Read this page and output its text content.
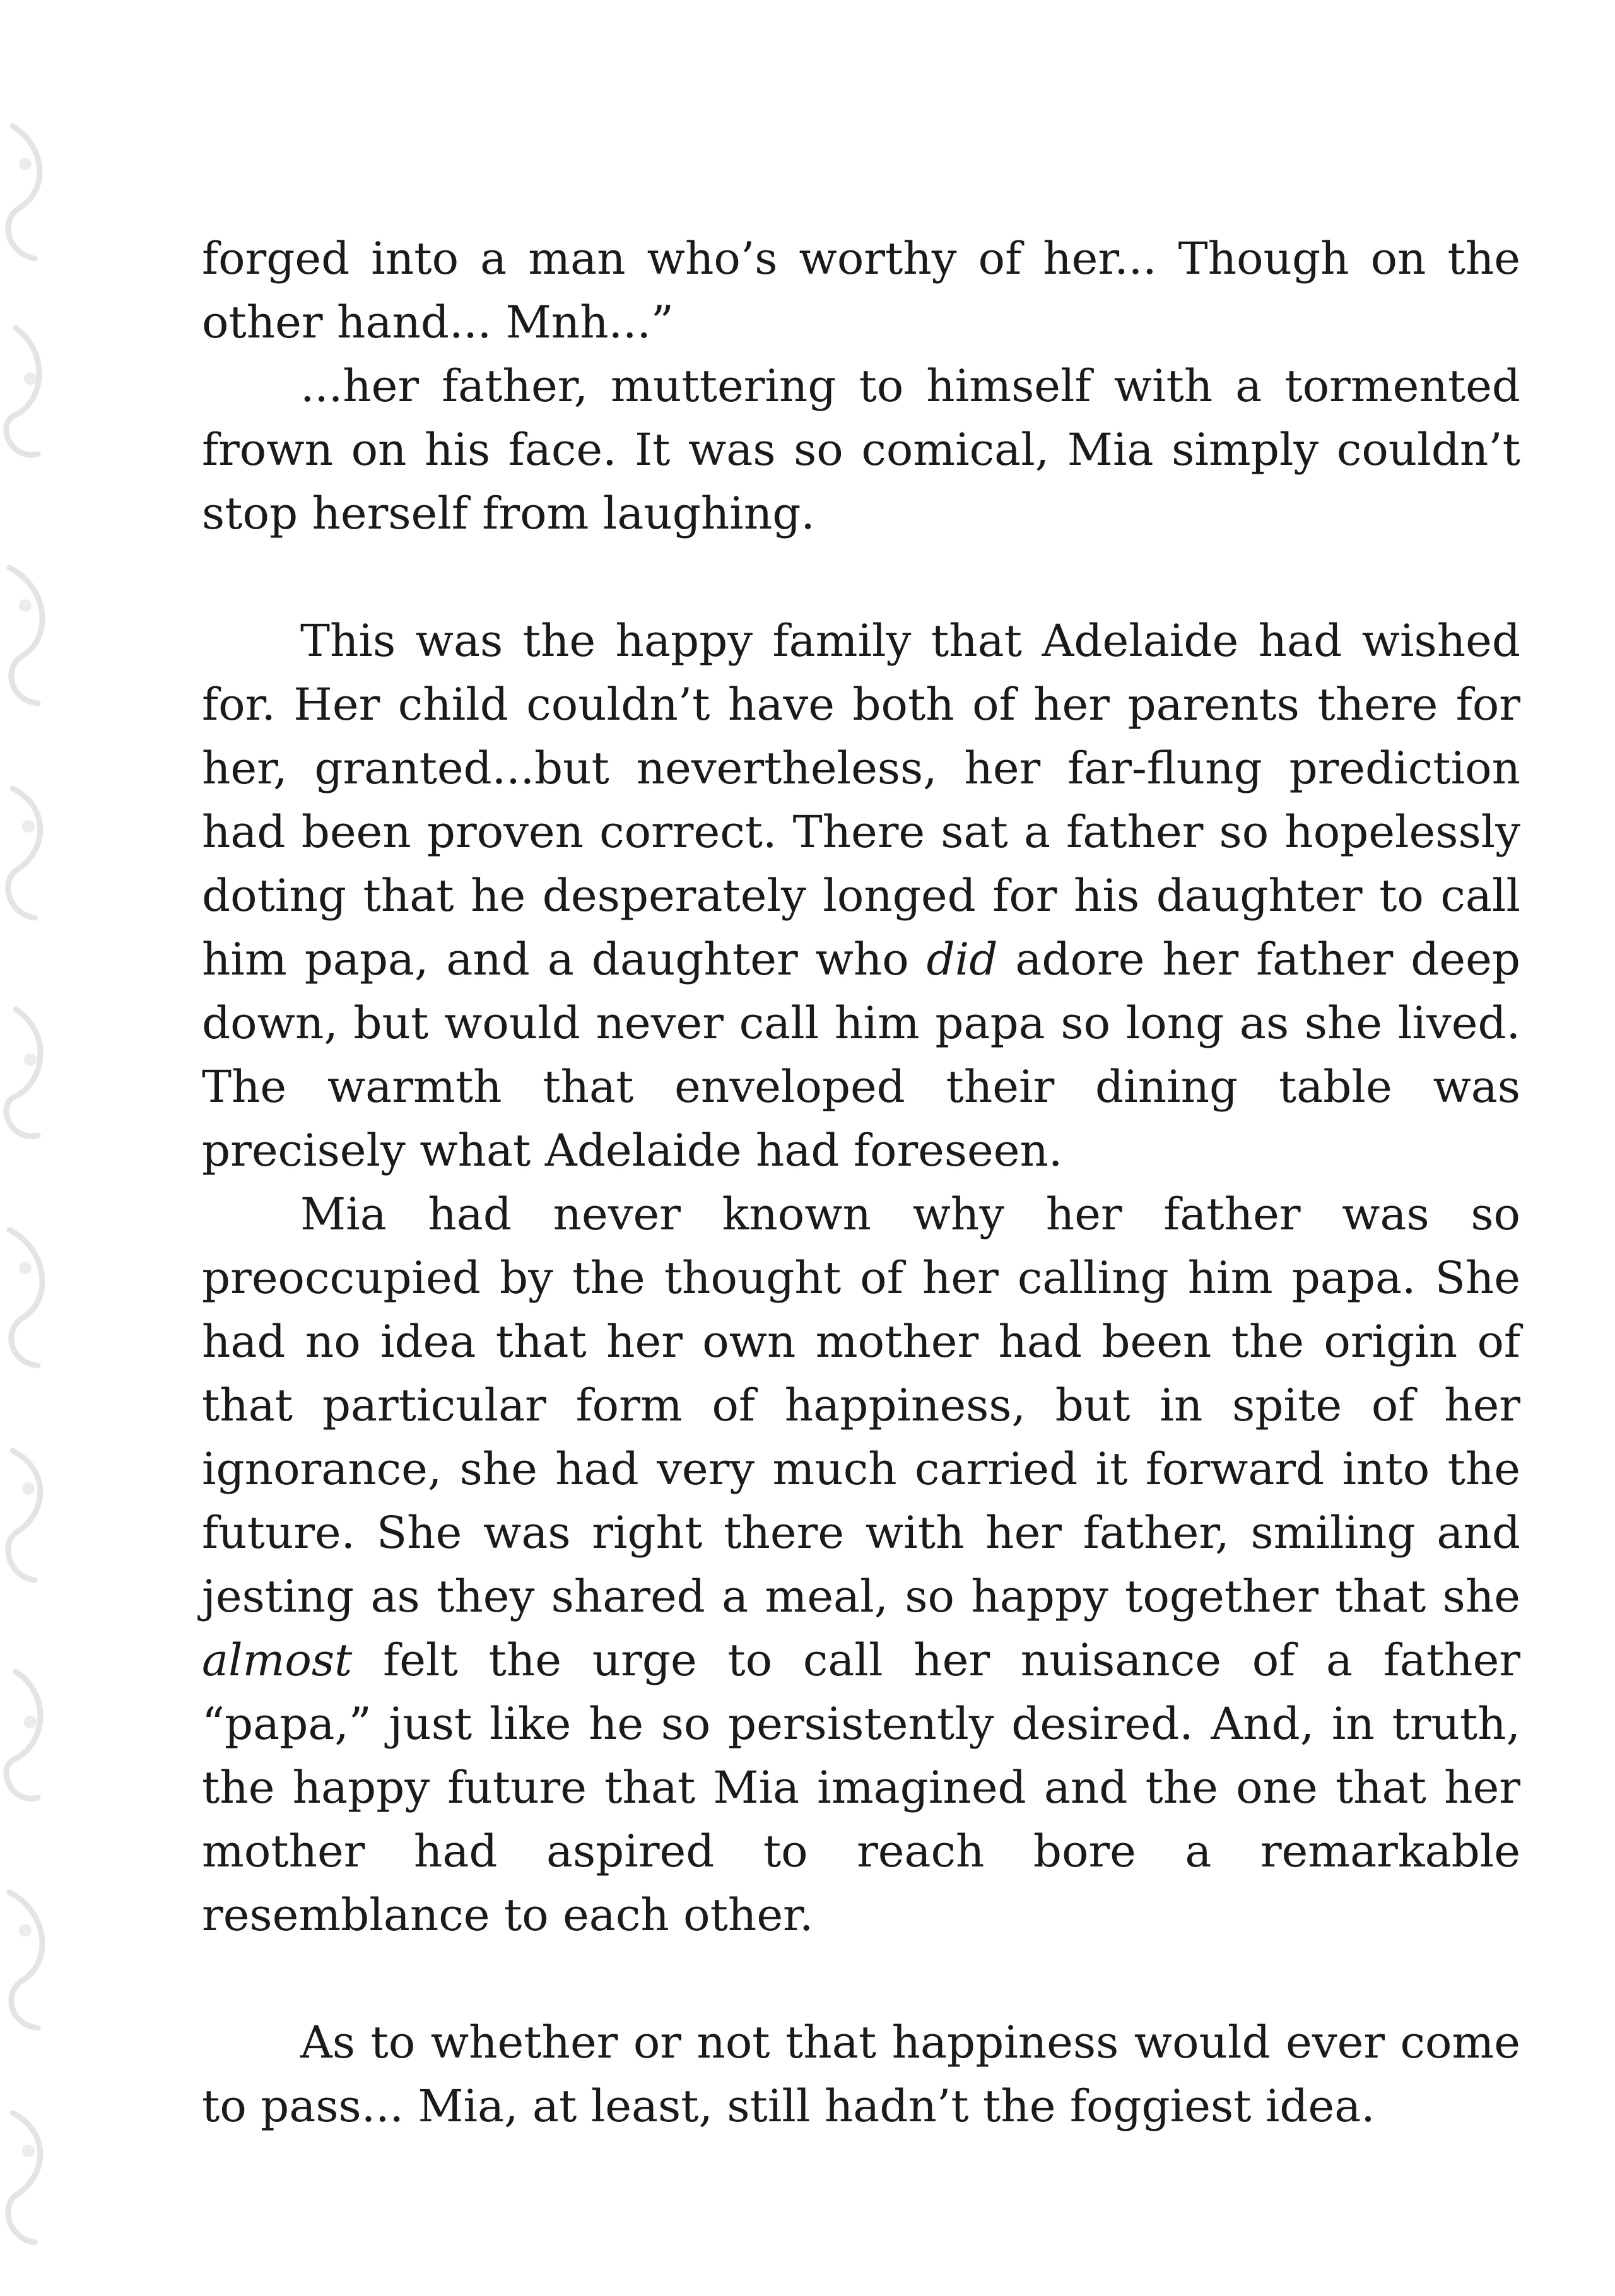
forged into a man who’s worthy of her... Though on the other hand... Mnh...”

...her father, muttering to himself with a tormented frown on his face. It was so comical, Mia simply couldn’t stop herself from laughing.

This was the happy family that Adelaide had wished for. Her child couldn’t have both of her parents there for her, granted...but nevertheless, her far-flung prediction had been proven correct. There sat a father so hopelessly doting that he desperately longed for his daughter to call him papa, and a daughter who did adore her father deep down, but would never call him papa so long as she lived. The warmth that enveloped their dining table was precisely what Adelaide had foreseen.

Mia had never known why her father was so preoccupied by the thought of her calling him papa. She had no idea that her own mother had been the origin of that particular form of happiness, but in spite of her ignorance, she had very much carried it forward into the future. She was right there with her father, smiling and jesting as they shared a meal, so happy together that she almost felt the urge to call her nuisance of a father “papa,” just like he so persistently desired. And, in truth, the happy future that Mia imagined and the one that her mother had aspired to reach bore a remarkable resemblance to each other.

As to whether or not that happiness would ever come to pass... Mia, at least, still hadn’t the foggiest idea.
